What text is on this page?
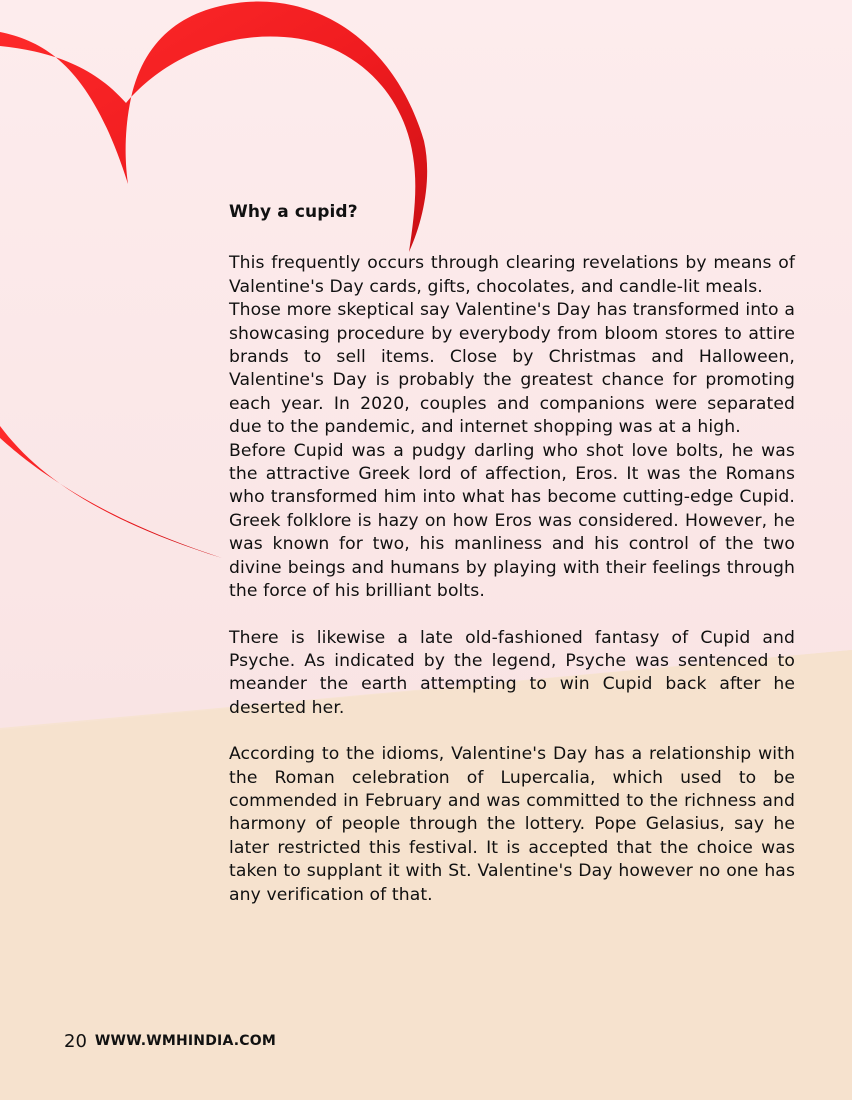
Why a cupid?

This frequently occurs through clearing revelations by means of Valentine's Day cards, gifts, chocolates, and candle-lit meals.

Those more skeptical say Valentine's Day has transformed into a showcasing procedure by everybody from bloom stores to attire brands to sell items. Close by Christmas and Halloween, Valentine's Day is probably the greatest chance for promoting each year. In 2020, couples and companions were separated due to the pandemic, and internet shopping was at a high.

Before Cupid was a pudgy darling who shot love bolts, he was the attractive Greek lord of affection, Eros. It was the Romans who transformed him into what has become cutting-edge Cupid. Greek folklore is hazy on how Eros was considered. However, he was known for two, his manliness and his control of the two divine beings and humans by playing with their feelings through the force of his brilliant bolts.

There is likewise a late old-fashioned fantasy of Cupid and Psyche. As indicated by the legend, Psyche was sentenced to meander the earth attempting to win Cupid back after he deserted her.

According to the idioms, Valentine's Day has a relationship with the Roman celebration of Lupercalia, which used to be commended in February and was committed to the richness and harmony of people through the lottery. Pope Gelasius, say he later restricted this festival. It is accepted that the choice was taken to supplant it with St. Valentine's Day however no one has any verification of that.

20 WWW.WMHINDIA.COM
